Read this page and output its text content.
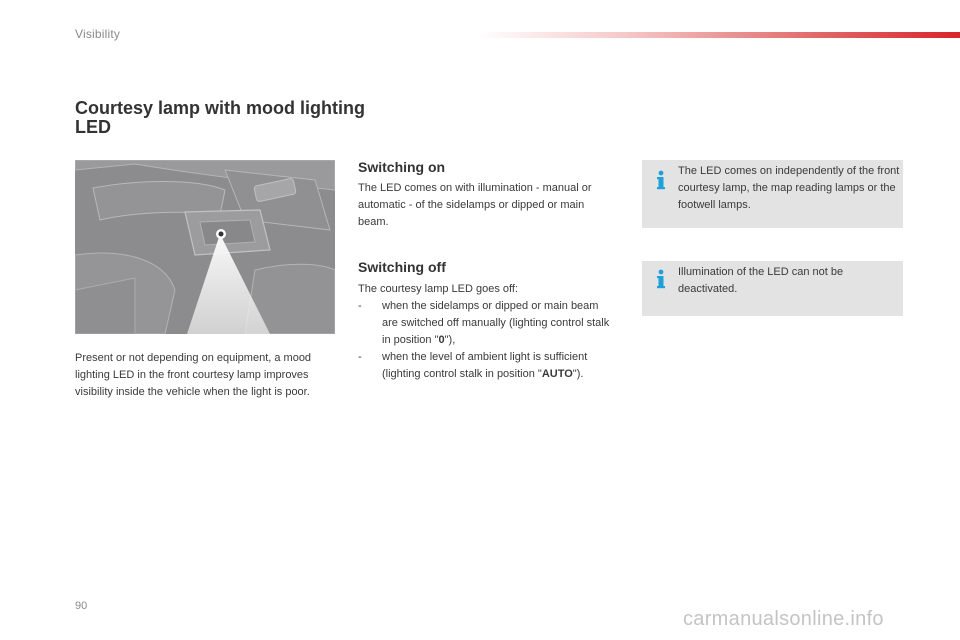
Visibility
Courtesy lamp with mood lighting LED
Present or not depending on equipment, a mood lighting LED in the front courtesy lamp improves visibility inside the vehicle when the light is poor.
Switching on
The LED comes on with illumination - manual or automatic - of the sidelamps or dipped or main beam.
Switching off
The courtesy lamp LED goes off:
- when the sidelamps or dipped or main beam are switched off manually (lighting control stalk in position "0"),
- when the level of ambient light is sufficient (lighting control stalk in position "AUTO").
The LED comes on independently of the front courtesy lamp, the map reading lamps or the footwell lamps.
Illumination of the LED can not be deactivated.
90
carmanualsonline.info
